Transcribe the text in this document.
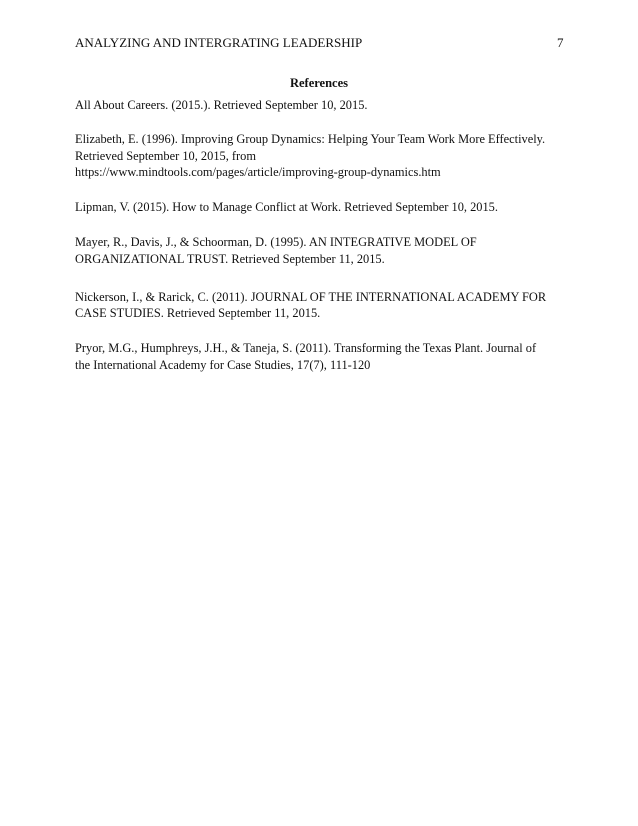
ANALYZING AND INTERGRATING LEADERSHIP	7
References

All About Careers. (2015.). Retrieved September 10, 2015.

Elizabeth, E. (1996). Improving Group Dynamics: Helping Your Team Work More Effectively.
Retrieved September 10, 2015, from
https://www.mindtools.com/pages/article/improving-group-dynamics.htm

Lipman, V. (2015). How to Manage Conflict at Work. Retrieved September 10, 2015.

Mayer, R., Davis, J., & Schoorman, D. (1995). AN INTEGRATIVE MODEL OF
ORGANIZATIONAL TRUST. Retrieved September 11, 2015.

Nickerson, I., & Rarick, C. (2011). JOURNAL OF THE INTERNATIONAL ACADEMY FOR
CASE STUDIES. Retrieved September 11, 2015.

Pryor, M.G., Humphreys, J.H., & Taneja, S. (2011). Transforming the Texas Plant. Journal of
the International Academy for Case Studies, 17(7), 111-120
